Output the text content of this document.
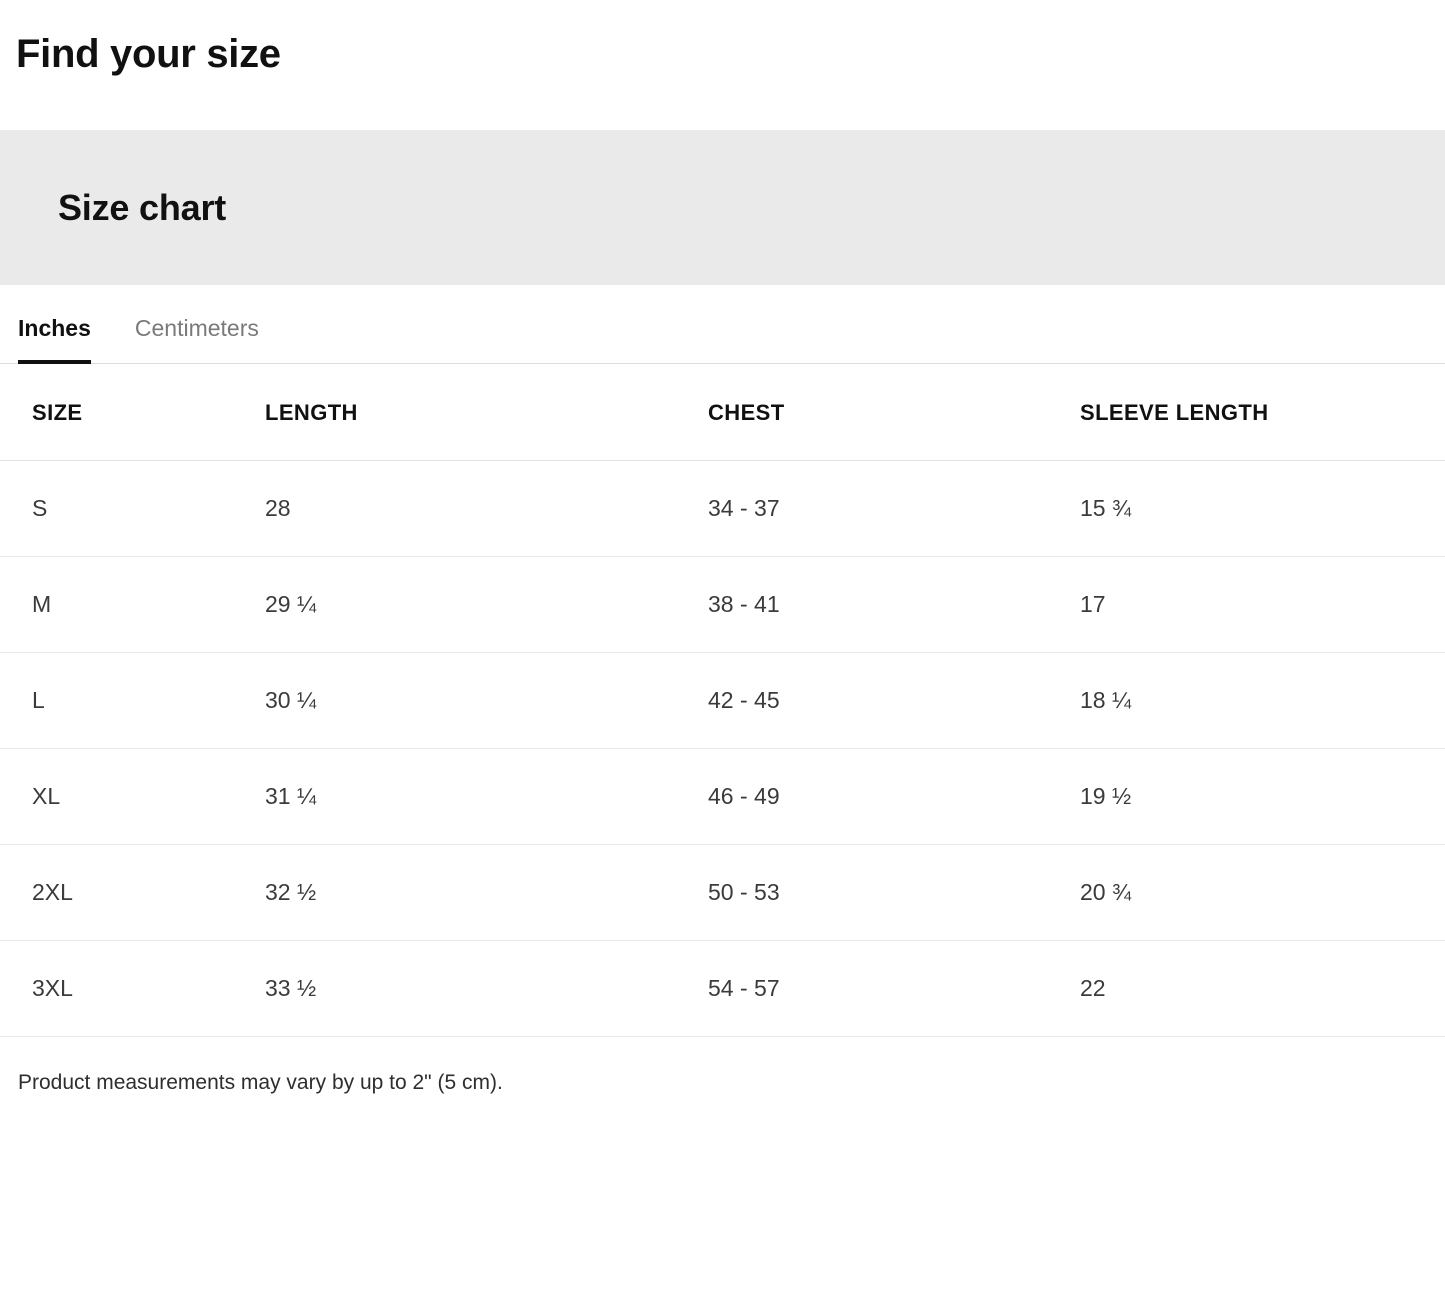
Find your size
Size chart
Inches Centimeters
SIZE	LENGTH	CHEST	SLEEVE LENGTH
S	28	34 - 37	15 ¾
M	29 ¼	38 - 41	17
L	30 ¼	42 - 45	18 ¼
XL	31 ¼	46 - 49	19 ½
2XL	32 ½	50 - 53	20 ¾
3XL	33 ½	54 - 57	22
Product measurements may vary by up to 2" (5 cm).
